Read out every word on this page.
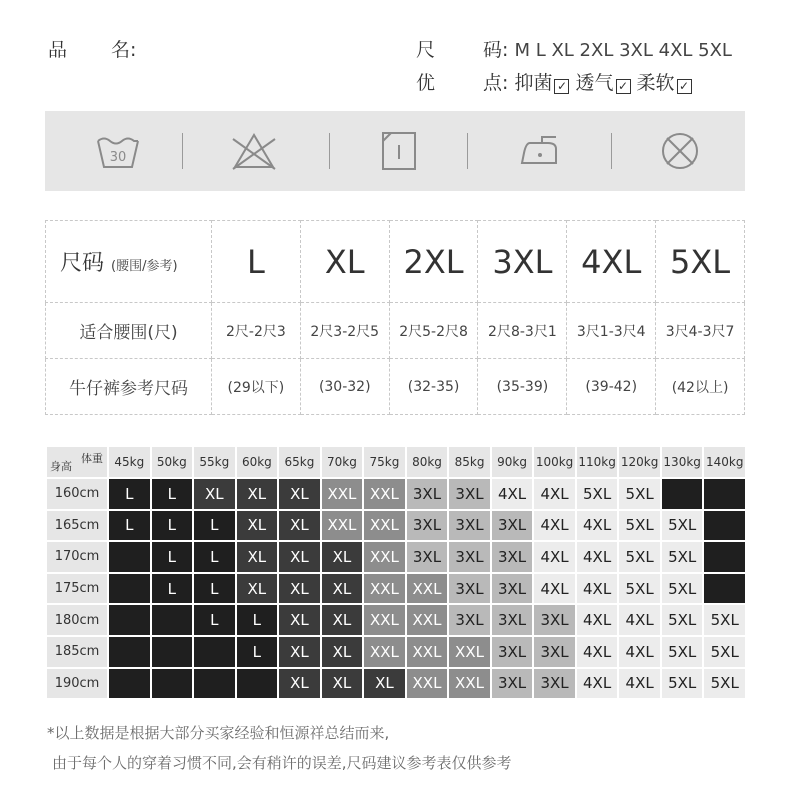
品 名:	尺	码: M L XL 2XL 3XL 4XL 5XL
优	点: 抑菌 ✓ 透气 ✓ 柔软 ✓
30
尺码 (腰围/参考)	L	XL	2XL	3XL	4XL	5XL
适合腰围(尺)	2尺-2尺3	2尺3-2尺5	2尺5-2尺8	2尺8-3尺1	3尺1-3尺4	3尺4-3尺7
牛仔裤参考尺码	(29以下)	(30-32)	(32-35)	(35-39)	(39-42)	(42以上)
体重
身高	45kg	50kg	55kg	60kg	65kg	70kg	75kg	80kg	85kg	90kg	100kg	110kg	120kg	130kg	140kg
160cm	L	L	XL	XL	XL	XXL	XXL	3XL	3XL	4XL	4XL	5XL	5XL		
165cm	L	L	L	XL	XL	XXL	XXL	3XL	3XL	3XL	4XL	4XL	5XL	5XL	
170cm		L	L	XL	XL	XL	XXL	3XL	3XL	3XL	4XL	4XL	5XL	5XL	
175cm		L	L	XL	XL	XL	XXL	XXL	3XL	3XL	4XL	4XL	5XL	5XL	
180cm			L	L	XL	XL	XXL	XXL	3XL	3XL	3XL	4XL	4XL	5XL	5XL
185cm				L	XL	XL	XXL	XXL	XXL	3XL	3XL	4XL	4XL	5XL	5XL
190cm					XL	XL	XL	XXL	XXL	3XL	3XL	4XL	4XL	5XL	5XL
*以上数据是根据大部分买家经验和恒源祥总结而来,
由于每个人的穿着习惯不同,会有稍许的误差,尺码建议参考表仅供参考
